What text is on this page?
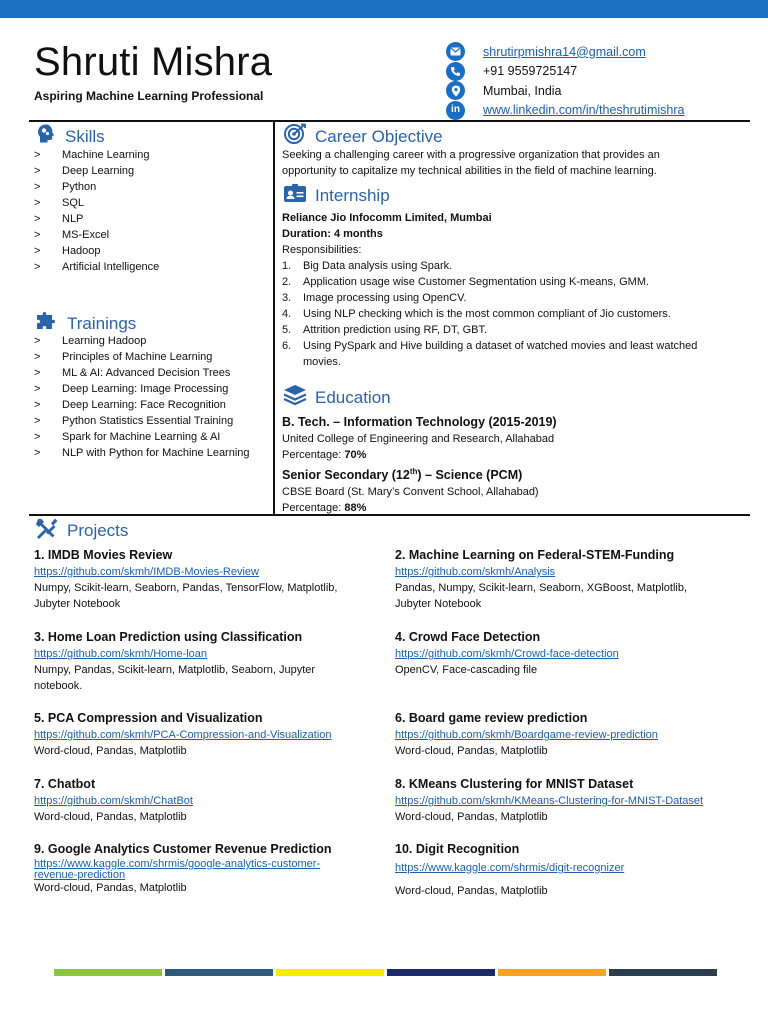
Shruti Mishra
Aspiring Machine Learning Professional
shrutirpmishra14@gmail.com
+91 9559725147
Mumbai, India
in www.linkedin.com/in/theshrutimishra
Skills
>	Machine Learning
>	Deep Learning
>	Python
>	SQL
>	NLP
>	MS-Excel
>	Hadoop
>	Artificial Intelligence
Trainings
>	Learning Hadoop
>	Principles of Machine Learning
>	ML & AI: Advanced Decision Trees
>	Deep Learning: Image Processing
>	Deep Learning: Face Recognition
>	Python Statistics Essential Training
>	Spark for Machine Learning & AI
>	NLP with Python for Machine Learning
Career Objective
Seeking a challenging career with a progressive organization that provides an
opportunity to capitalize my technical abilities in the field of machine learning.
Internship
Reliance Jio Infocomm Limited, Mumbai
Duration: 4 months
Responsibilities:
1.	Big Data analysis using Spark.
2.	Application usage wise Customer Segmentation using K-means, GMM.
3.	Image processing using OpenCV.
4.	Using NLP checking which is the most common compliant of Jio customers.
5.	Attrition prediction using RF, DT, GBT.
6.	Using PySpark and Hive building a dataset of watched movies and least watched
movies.
Education
B. Tech. – Information Technology (2015-2019)
United College of Engineering and Research, Allahabad
Percentage: 70%
Senior Secondary (12th) – Science (PCM)
CBSE Board (St. Mary’s Convent School, Allahabad)
Percentage: 88%
Projects
1. IMDB Movies Review
https://github.com/skmh/IMDB-Movies-Review
Numpy, Scikit-learn, Seaborn, Pandas, TensorFlow, Matplotlib,
Jubyter Notebook
2. Machine Learning on Federal-STEM-Funding
https://github.com/skmh/Analysis
Pandas, Numpy, Scikit-learn, Seaborn, XGBoost, Matplotlib,
Jubyter Notebook
3. Home Loan Prediction using Classification
https://github.com/skmh/Home-loan
Numpy, Pandas, Scikit-learn, Matplotlib, Seaborn, Jupyter
notebook.
4. Crowd Face Detection
https://github.com/skmh/Crowd-face-detection
OpenCV, Face-cascading file
5. PCA Compression and Visualization
https://github.com/skmh/PCA-Compression-and-Visualization
Word-cloud, Pandas, Matplotlib
6. Board game review prediction
https://github.com/skmh/Boardgame-review-prediction
Word-cloud, Pandas, Matplotlib
7. Chatbot
https://github.com/skmh/ChatBot
Word-cloud, Pandas, Matplotlib
8. KMeans Clustering for MNIST Dataset
https://github.com/skmh/KMeans-Clustering-for-MNIST-Dataset
Word-cloud, Pandas, Matplotlib
9. Google Analytics Customer Revenue Prediction
https://www.kaggle.com/shrmis/google-analytics-customer-
revenue-prediction
Word-cloud, Pandas, Matplotlib
10. Digit Recognition
https://www.kaggle.com/shrmis/digit-recognizer
Word-cloud, Pandas, Matplotlib
